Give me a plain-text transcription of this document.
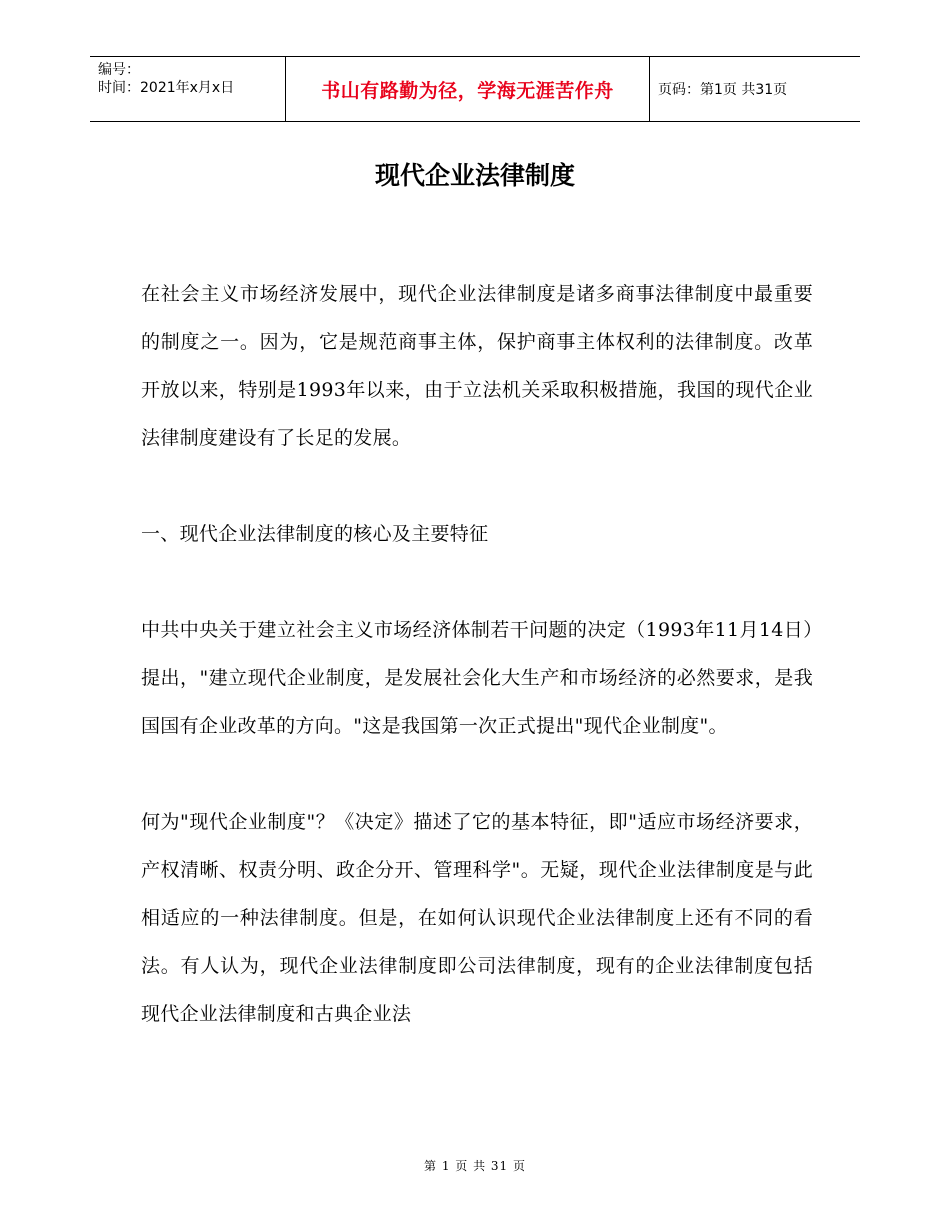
编号：
时间：2021年x月x日	书山有路勤为径，学海无涯苦作舟	页码：第1页 共31页
现代企业法律制度

在社会主义市场经济发展中，现代企业法律制度是诸多商事法律制度中最重要的制度之一。因为，它是规范商事主体，保护商事主体权利的法律制度。改革开放以来，特别是1993年以来，由于立法机关采取积极措施，我国的现代企业法律制度建设有了长足的发展。

一、现代企业法律制度的核心及主要特征

中共中央关于建立社会主义市场经济体制若干问题的决定（1993年11月14日）提出，"建立现代企业制度，是发展社会化大生产和市场经济的必然要求，是我国国有企业改革的方向。"这是我国第一次正式提出"现代企业制度"。

何为"现代企业制度"？《决定》描述了它的基本特征，即"适应市场经济要求，产权清晰、权责分明、政企分开、管理科学"。无疑，现代企业法律制度是与此相适应的一种法律制度。但是，在如何认识现代企业法律制度上还有不同的看法。有人认为，现代企业法律制度即公司法律制度，现有的企业法律制度包括现代企业法律制度和古典企业法

第 1 页 共 31 页
